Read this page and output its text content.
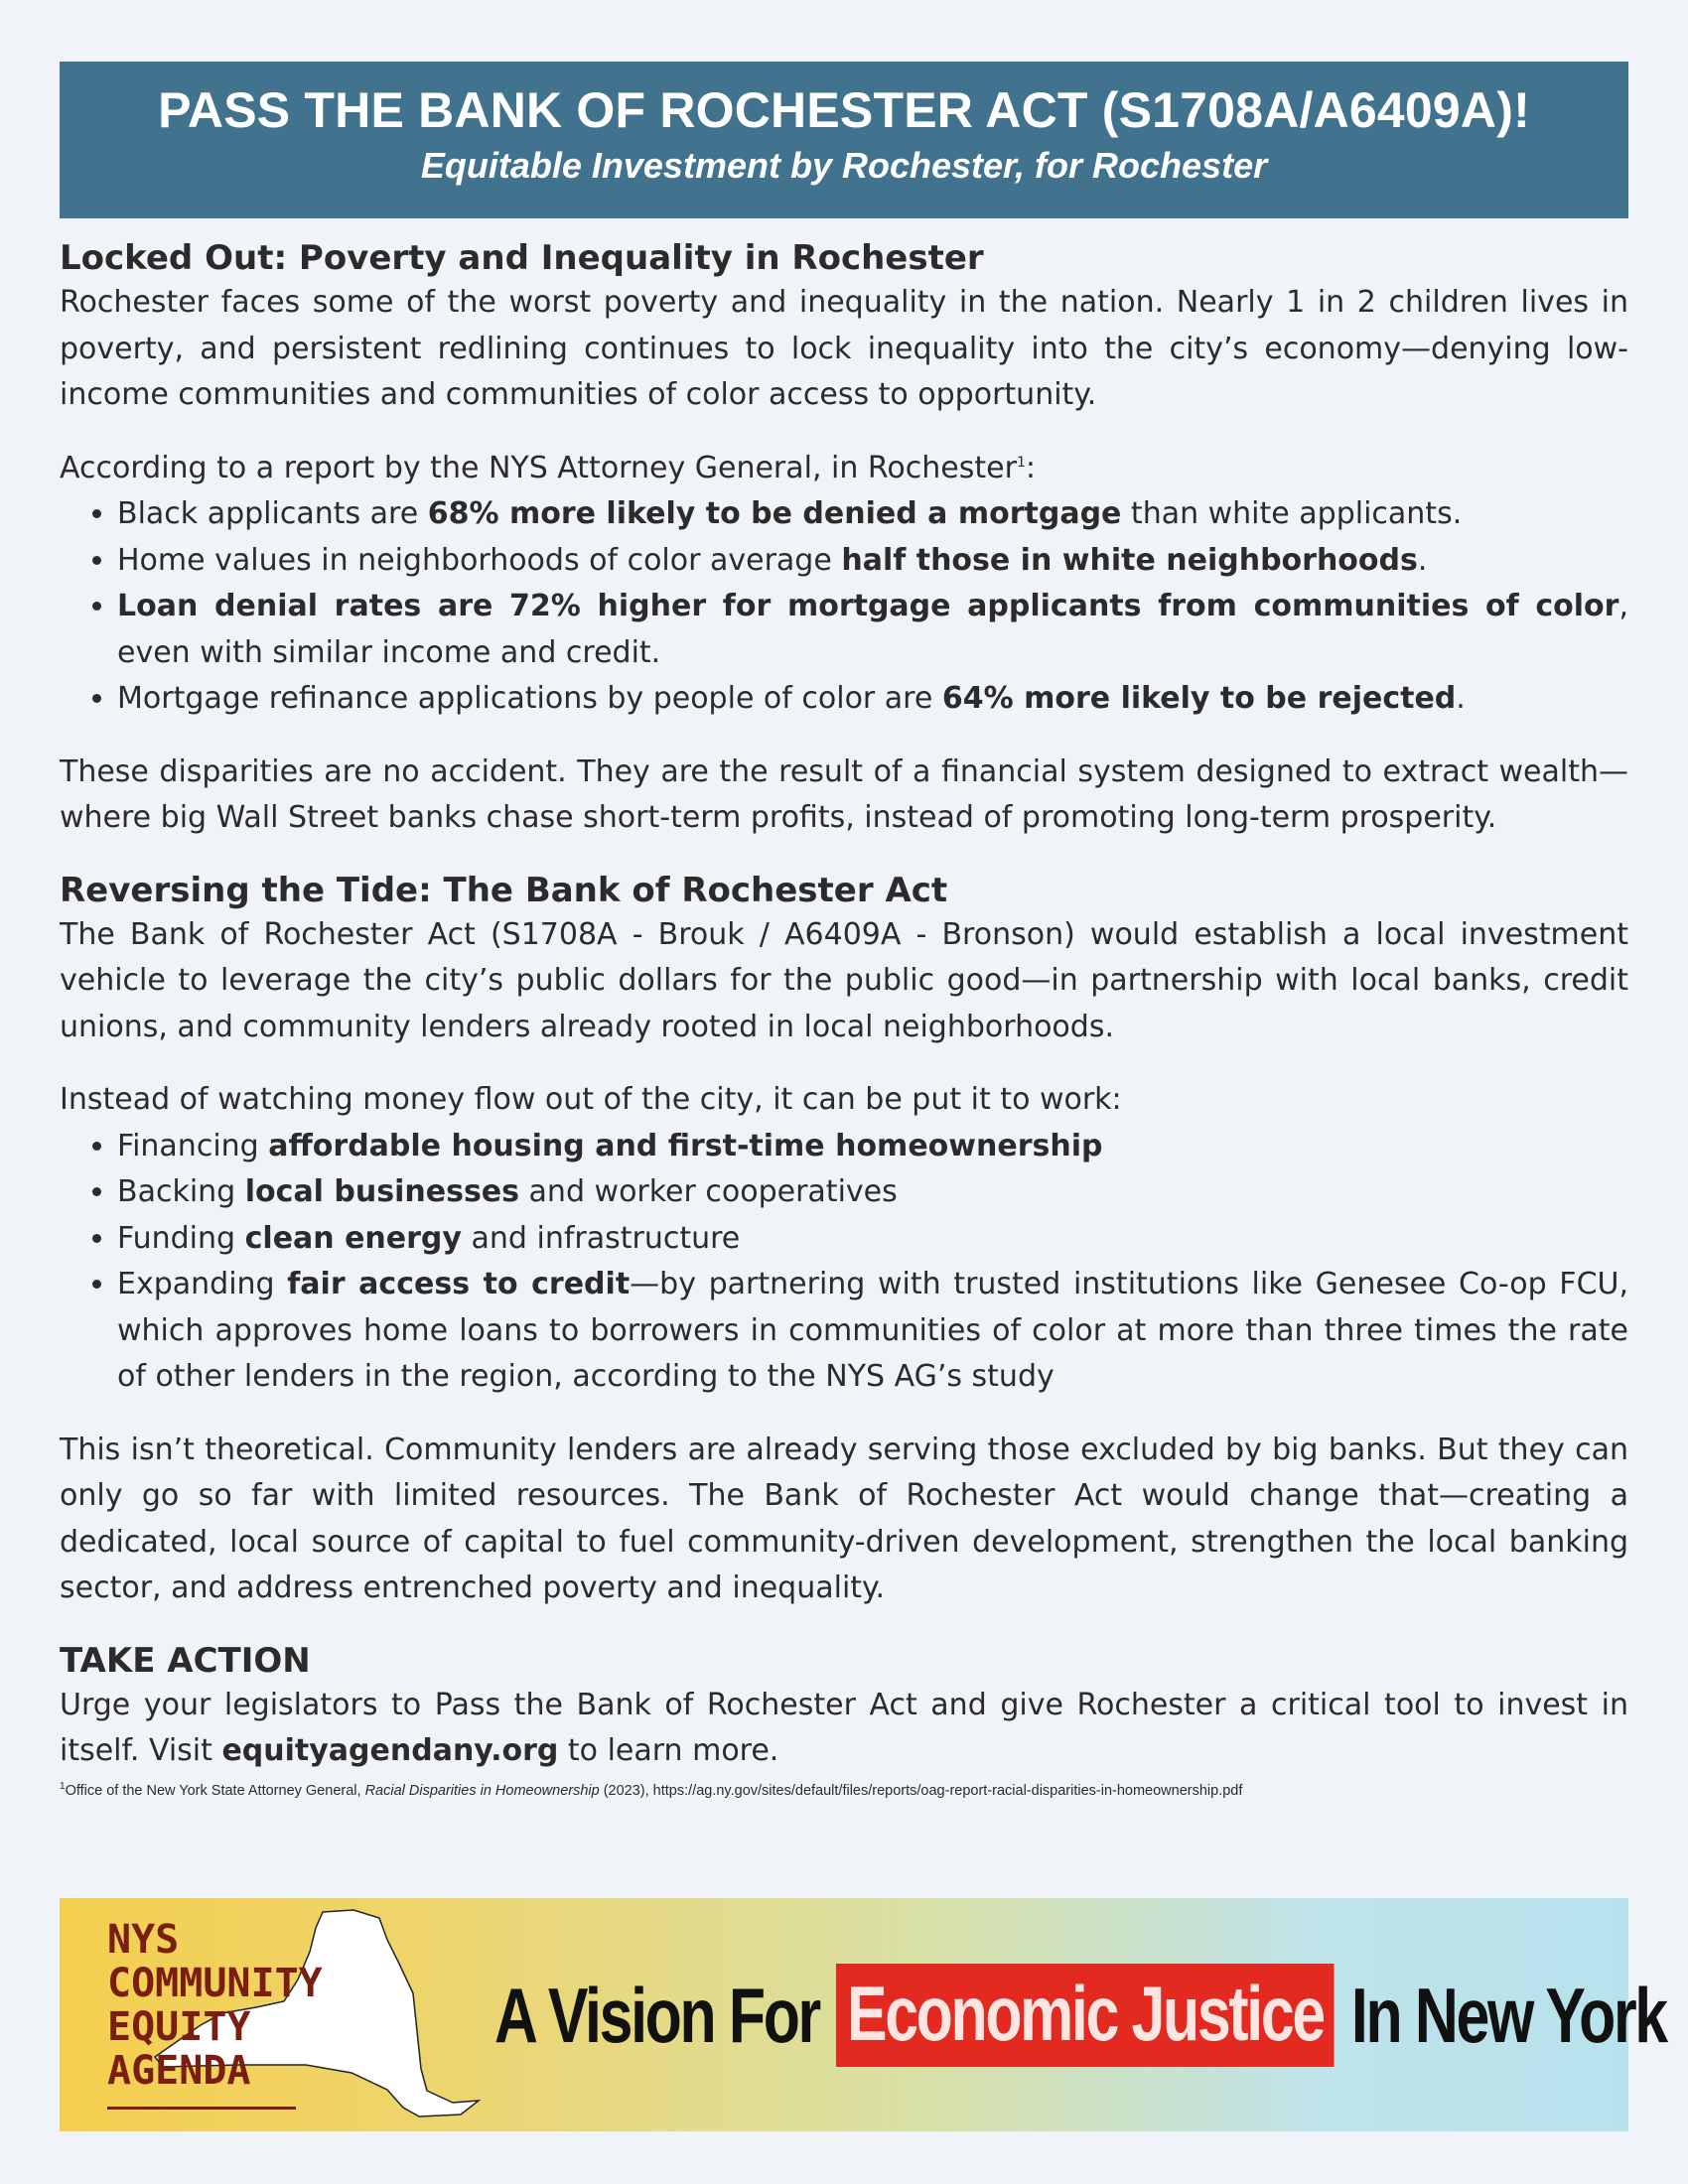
PASS THE BANK OF ROCHESTER ACT (S1708A/A6409A)!
Equitable Investment by Rochester, for Rochester
Locked Out: Poverty and Inequality in Rochester

Rochester faces some of the worst poverty and inequality in the nation. Nearly 1 in 2 children lives in poverty, and persistent redlining continues to lock inequality into the city’s economy—denying low-income communities and communities of color access to opportunity.

According to a report by the NYS Attorney General, in Rochester$^1$:

• Black applicants are 68% more likely to be denied a mortgage than white applicants.
• Home values in neighborhoods of color average half those in white neighborhoods.
• Loan denial rates are 72% higher for mortgage applicants from communities of color, even with similar income and credit.
• Mortgage refinance applications by people of color are 64% more likely to be rejected.

These disparities are no accident. They are the result of a financial system designed to extract wealth—where big Wall Street banks chase short-term profits, instead of promoting long-term prosperity.

Reversing the Tide: The Bank of Rochester Act

The Bank of Rochester Act (S1708A - Brouk / A6409A - Bronson) would establish a local investment vehicle to leverage the city’s public dollars for the public good—in partnership with local banks, credit unions, and community lenders already rooted in local neighborhoods.

Instead of watching money flow out of the city, it can be put it to work:

• Financing affordable housing and first-time homeownership
• Backing local businesses and worker cooperatives
• Funding clean energy and infrastructure
• Expanding fair access to credit—by partnering with trusted institutions like Genesee Co-op FCU, which approves home loans to borrowers in communities of color at more than three times the rate of other lenders in the region, according to the NYS AG’s study

This isn’t theoretical. Community lenders are already serving those excluded by big banks. But they can only go so far with limited resources. The Bank of Rochester Act would change that—creating a dedicated, local source of capital to fuel community-driven development, strengthen the local banking sector, and address entrenched poverty and inequality.

TAKE ACTION

Urge your legislators to Pass the Bank of Rochester Act and give Rochester a critical tool to invest in itself. Visit equityagendany.org to learn more.

$^1$Office of the New York State Attorney General, Racial Disparities in Homeownership (2023), https://ag.ny.gov/sites/default/files/reports/oag-report-racial-disparities-in-homeownership.pdf
NYS
COMMUNITY
EQUITY
AGENDA
A Vision For Economic Justice In New York
